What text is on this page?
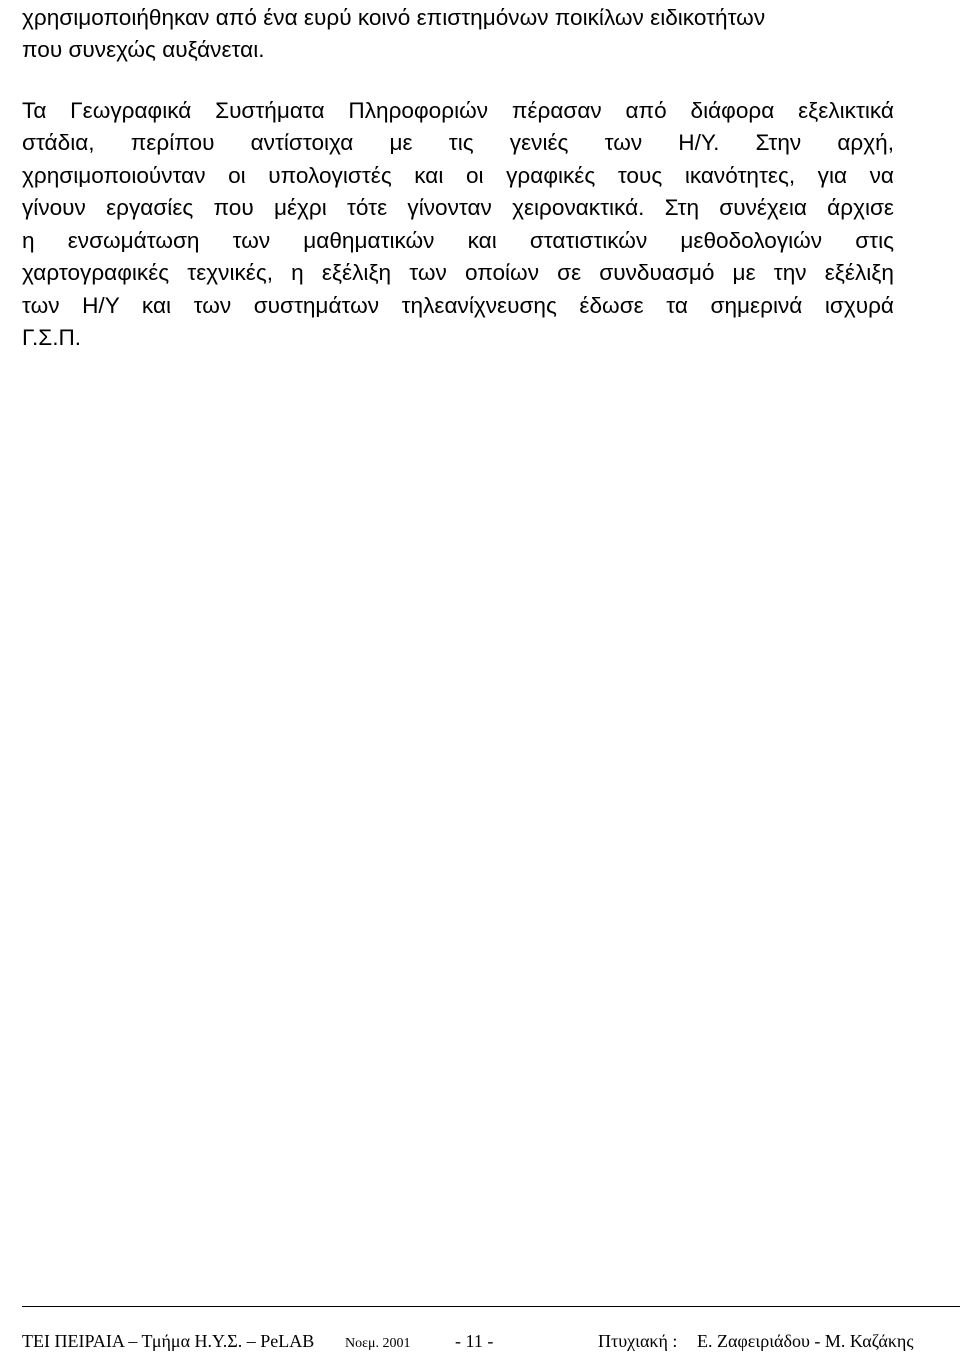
χρησιμοποιήθηκαν από ένα ευρύ κοινό επιστημόνων ποικίλων ειδικοτήτων
που συνεχώς αυξάνεται.
Τα Γεωγραφικά Συστήματα Πληροφοριών πέρασαν από διάφορα εξελικτικά
στάδια, περίπου αντίστοιχα με τις γενιές των Η/Υ. Στην αρχή,
χρησιμοποιούνταν οι υπολογιστές και οι γραφικές τους ικανότητες, για να
γίνουν εργασίες που μέχρι τότε γίνονταν χειρονακτικά. Στη συνέχεια άρχισε
η ενσωμάτωση των μαθηματικών και στατιστικών μεθοδολογιών στις
χαρτογραφικές τεχνικές, η εξέλιξη των οποίων σε συνδυασμό με την εξέλιξη
των Η/Υ και των συστημάτων τηλεανίχνευσης έδωσε τα σημερινά ισχυρά
Γ.Σ.Π.
ΤΕΙ ΠΕΙΡΑΙΑ – Τμήμα Η.Υ.Σ. – PeLAB Νοεμ. 2001 - 11 -	Πτυχιακή : Ε. Ζαφειριάδου - Μ. Καζάκης
